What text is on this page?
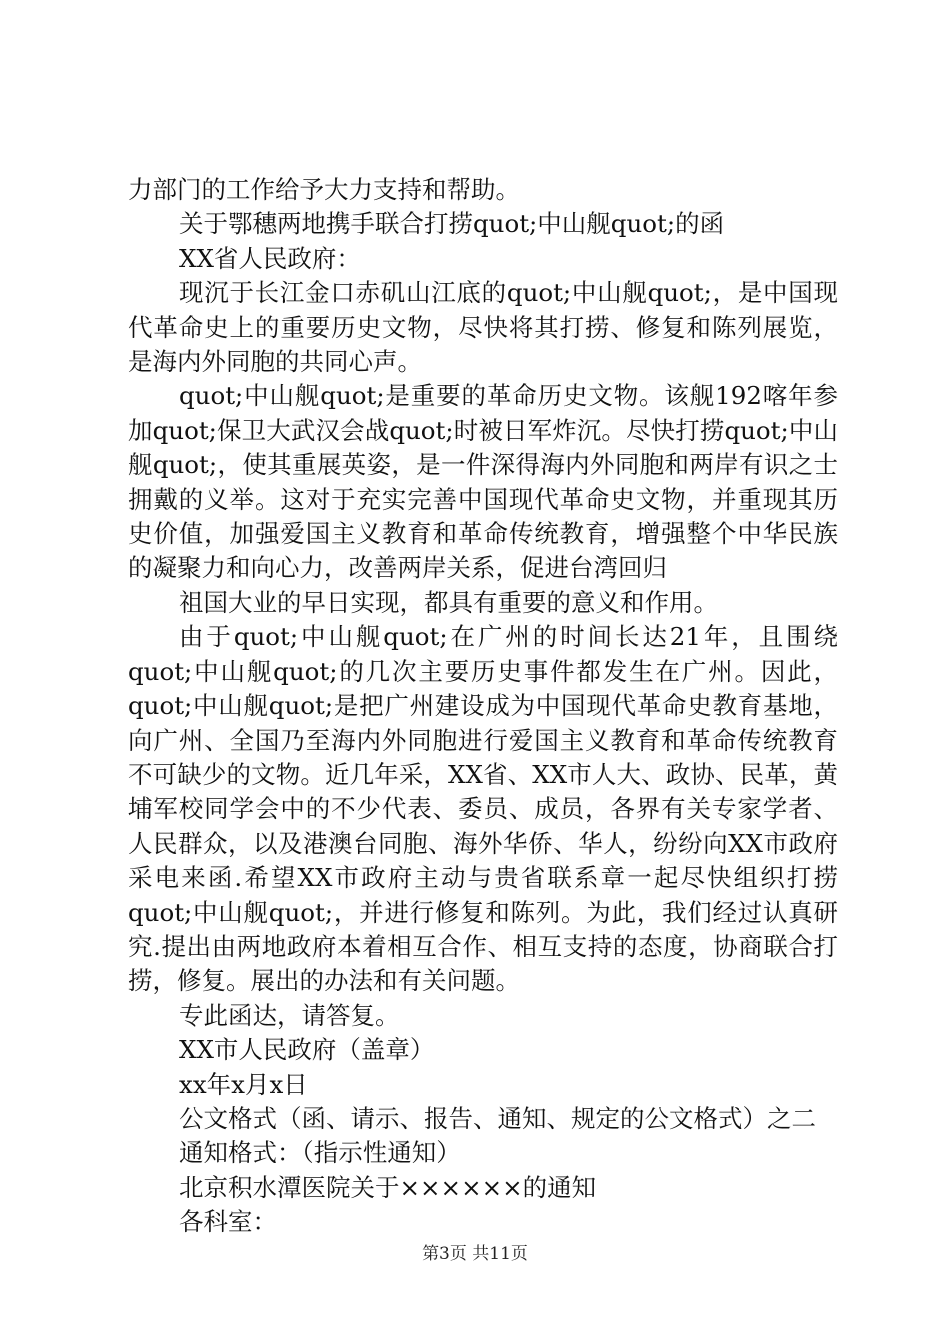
力部门的工作给予大力支持和帮助。

关于鄂穗两地携手联合打捞quot;中山舰quot;的函

XX省人民政府：

现沉于长江金口赤矶山江底的quot;中山舰quot;，是中国现代革命史上的重要历史文物，尽快将其打捞、修复和陈列展览，是海内外同胞的共同心声。

quot;中山舰quot;是重要的革命历史文物。该舰192喀年参加quot;保卫大武汉会战quot;时被日军炸沉。尽快打捞quot;中山舰quot;，使其重展英姿，是一件深得海内外同胞和两岸有识之士拥戴的义举。这对于充实完善中国现代革命史文物，并重现其历史价值，加强爱国主义教育和革命传统教育，增强整个中华民族的凝聚力和向心力，改善两岸关系，促进台湾回归

祖国大业的早日实现，都具有重要的意义和作用。

由于quot;中山舰quot;在广州的时间长达21年，且围绕quot;中山舰quot;的几次主要历史事件都发生在广州。因此，quot;中山舰quot;是把广州建设成为中国现代革命史教育基地，向广州、全国乃至海内外同胞进行爱国主义教育和革命传统教育不可缺少的文物。近几年采，XX省、XX市人大、政协、民革，黄埔军校同学会中的不少代表、委员、成员，各界有关专家学者、人民群众，以及港澳台同胞、海外华侨、华人，纷纷向XX市政府采电来函.希望XX市政府主动与贵省联系章一起尽快组织打捞quot;中山舰quot;，并进行修复和陈列。为此，我们经过认真研究.提出由两地政府本着相互合作、相互支持的态度，协商联合打捞，修复。展出的办法和有关问题。

专此函达，请答复。

XX市人民政府（盖章）

xx年x月x日

公文格式（函、请示、报告、通知、规定的公文格式）之二

通知格式：（指示性通知）

北京积水潭医院关于××××××的通知

各科室：

第3页 共11页
